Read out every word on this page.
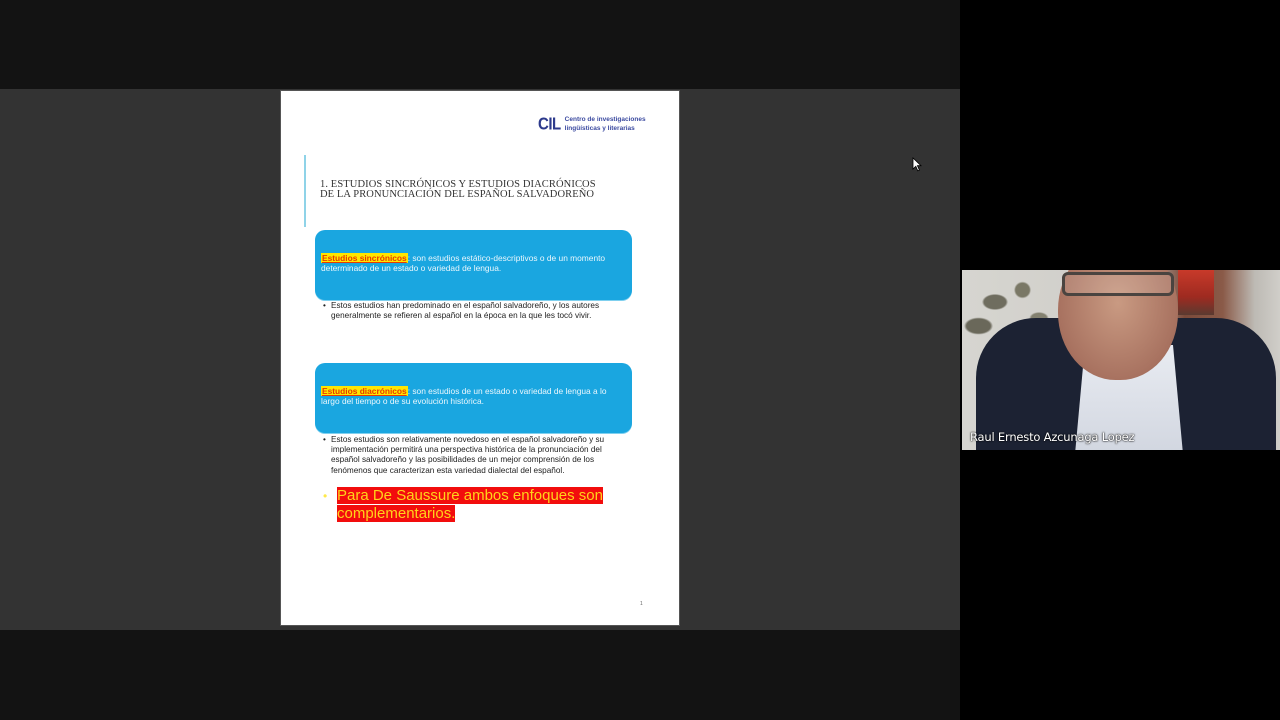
CIL Centro de investigaciones
lingüísticas y literarias
1. ESTUDIOS SINCRÓNICOS Y ESTUDIOS DIACRÓNICOS
DE LA PRONUNCIACIÓN DEL ESPAÑOL SALVADOREÑO
Estudios sincrónicos: son estudios estático-descriptivos o de un momento determinado de un estado o variedad de lengua.
• Estos estudios han predominado en el español salvadoreño, y los autores generalmente se refieren al español en la época en la que les tocó vivir.
Estudios diacrónicos: son estudios de un estado o variedad de lengua a lo largo del tiempo o de su evolución histórica.
• Estos estudios son relativamente novedoso en el español salvadoreño y su implementación permitirá una perspectiva histórica de la pronunciación del español salvadoreño y las posibilidades de un mejor comprensión de los fenómenos que caracterizan esta variedad dialectal del español.
• Para De Saussure ambos enfoques son
complementarios.
1
Raul Ernesto Azcunaga Lopez
